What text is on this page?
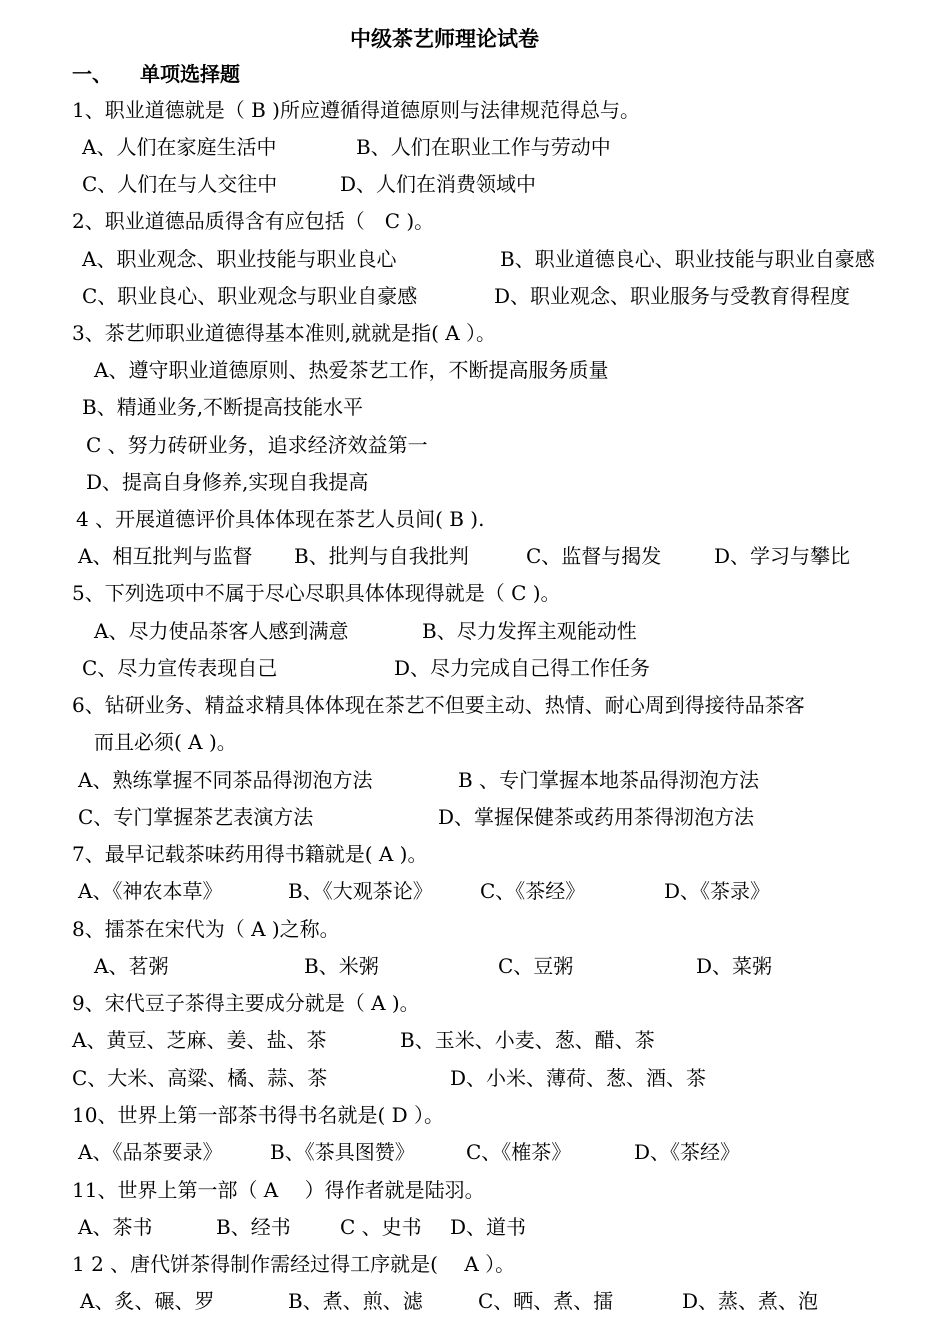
中级茶艺师理论试卷
一、 单项选择题
1、职业道德就是（ B )所应遵循得道德原则与法律规范得总与。
A、人们在家庭生活中	B、人们在职业工作与劳动中
C、人们在与人交往中	D、人们在消费领域中
2、职业道德品质得含有应包括（　C )。
A、职业观念、职业技能与职业良心	B、职业道德良心、职业技能与职业自豪感
C、职业良心、职业观念与职业自豪感	D、职业观念、职业服务与受教育得程度
3、茶艺师职业道德得基本准则,就就是指( A ）。
A、遵守职业道德原则、热爱茶艺工作，不断提高服务质量
B、精通业务,不断提高技能水平
C 、努力砖研业务，追求经济效益第一
D、提高自身修养,实现自我提高
4 、开展道德评价具体体现在茶艺人员间( B ).
A、相互批判与监督 B、批判与自我批判	C、监督与揭发	D、学习与攀比
5、下列选项中不属于尽心尽职具体体现得就是（ C )。
A、尽力使品茶客人感到满意	B、尽力发挥主观能动性
C、尽力宣传表现自己	D、尽力完成自己得工作任务
6、钻研业务、精益求精具体体现在茶艺不但要主动、热情、耐心周到得接待品茶客
而且必须( A )。
A、熟练掌握不同茶品得沏泡方法	B 、专门掌握本地茶品得沏泡方法
C、专门掌握茶艺表演方法	D、掌握保健茶或药用茶得沏泡方法
7、最早记载茶味药用得书籍就是( A )。
A、《神农本草》	B、《大观茶论》 C、《茶经》	D、《茶录》
8、擂茶在宋代为（ A )之称。
A、茗粥	B、米粥	C、豆粥	D、菜粥
9、宋代豆子茶得主要成分就是（ A )。
A、黄豆、芝麻、姜、盐、茶	B、玉米、小麦、葱、醋、茶
C、大米、高粱、橘、蒜、茶	D、小米、薄荷、葱、酒、茶
10、世界上第一部茶书得书名就是( D ）。
A、《品茶要录》 B、《茶具图赞》	C、《榷茶》	D、《茶经》
11、世界上第一部（ A　 ）得作者就是陆羽。
A、茶书	B、经书 C 、史书 D、道书
1 2 、唐代饼茶得制作需经过得工序就是(　 A ）。
A、炙、碾、罗	B、煮、煎、滤	C、晒、煮、擂	D、蒸、煮、泡
